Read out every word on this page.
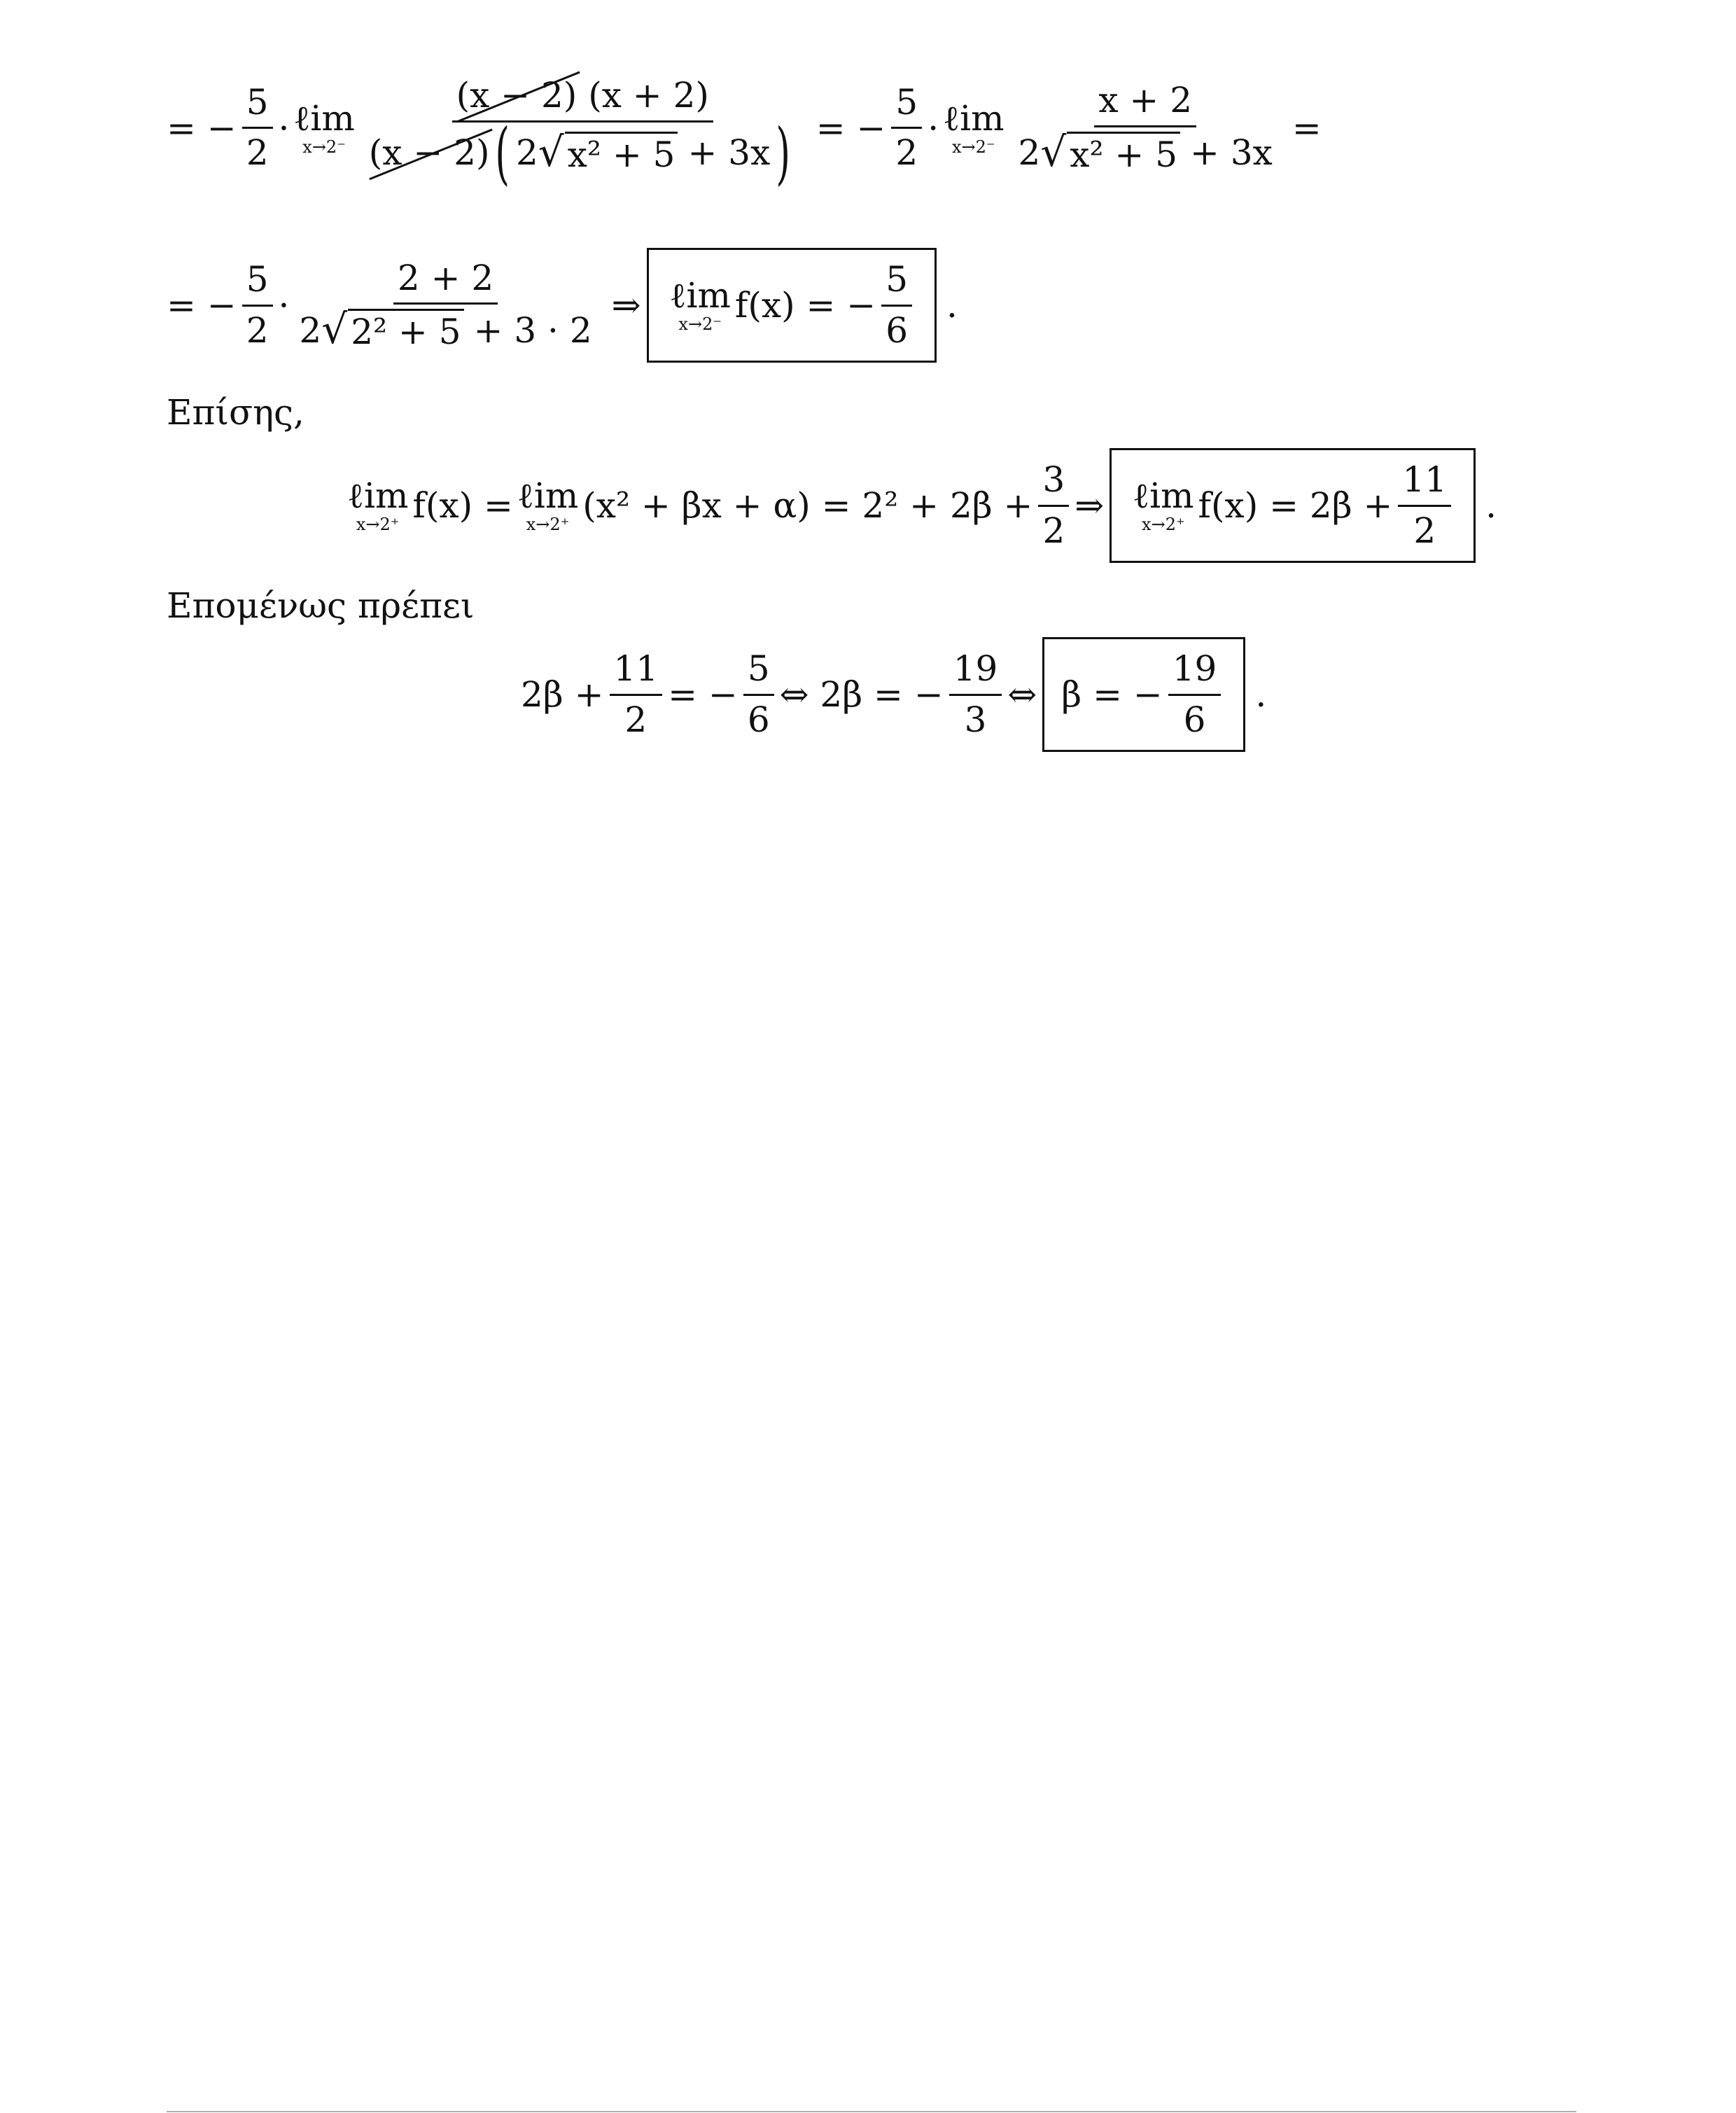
= − $\frac{5}{2}$ · ℓim
x→2⁻
(x − 2) (x + 2)
(x − 2) ( 2 √ x² + 5 + 3x ) = − $\frac{5}{2}$ · ℓim
$x\to 2^- \frac{x + 2}{\text{2 √ x² + 5 + 3x}}$ =
= − $\frac{5}{2}$ ·
2 + 2
2 √ 2² + 5 + 3 · 2
⇒ ℓim
x→2⁻ f(x) = − $\frac{5}{6}$ .
Επίσης,
ℓim
x→2⁺ f(x) = ℓim
x→2⁺ $(x^2 + \beta x + \alpha) = 2^2 + 2\beta + \frac{3}{2}$ ⇒ ℓim
x→2⁺ $f(x) = 2\beta + \frac{11}{2}$ .
Επομένως πρέπει
$2\beta + \frac{11}{2}$ = − $\frac{5}{6}$ ⇔ 2β = − $\frac{19}{3}$ ⇔ β = − $\frac{19}{6}$ .
